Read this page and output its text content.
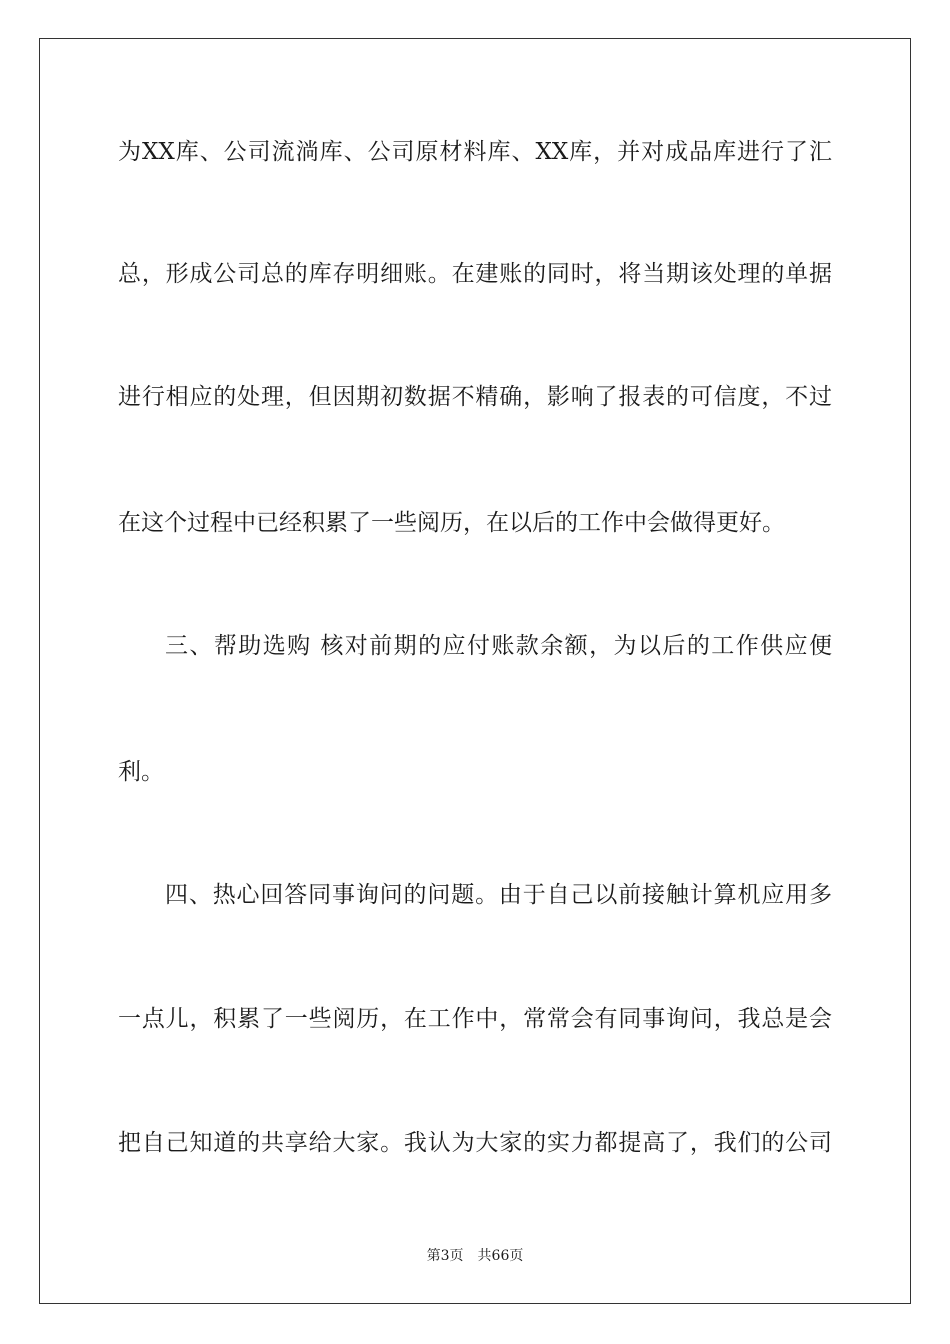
为XX库、公司流淌库、公司原材料库、XX库，并对成品库进行了汇
总，形成公司总的库存明细账。在建账的同时，将当期该处理的单据
进行相应的处理，但因期初数据不精确，影响了报表的可信度，不过
在这个过程中已经积累了一些阅历，在以后的工作中会做得更好。
三、帮助选购 核对前期的应付账款余额，为以后的工作供应便
利。
四、热心回答同事询问的问题。由于自己以前接触计算机应用多
一点儿，积累了一些阅历，在工作中，常常会有同事询问，我总是会
把自己知道的共享给大家。我认为大家的实力都提高了，我们的公司
第3页 共66页
